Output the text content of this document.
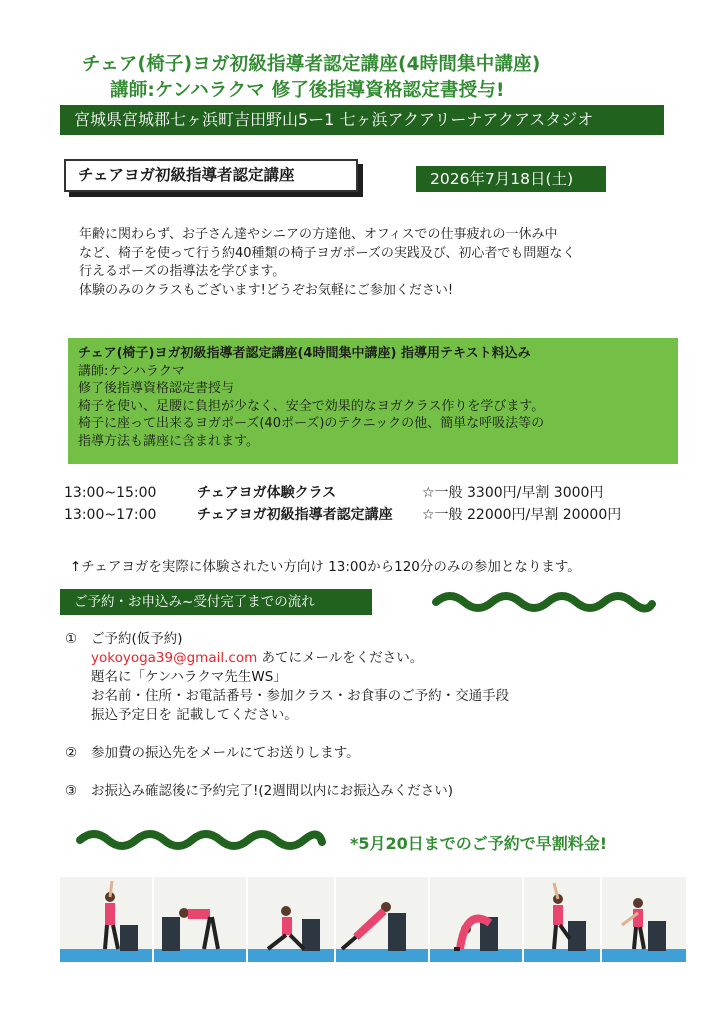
チェア(椅子)ヨガ初級指導者認定講座(4時間集中講座)
講師:ケンハラクマ 修了後指導資格認定書授与!
宮城県宮城郡七ヶ浜町吉田野山5ー1 七ヶ浜アクアリーナアクアスタジオ
チェアヨガ初級指導者認定講座	2026年7月18日(土)
年齢に関わらず、お子さん達やシニアの方達他、オフィスでの仕事疲れの一休み中
など、椅子を使って行う約40種類の椅子ヨガポーズの実践及び、初心者でも問題なく
行えるポーズの指導法を学びます。
体験のみのクラスもございます!どうぞお気軽にご参加ください!
チェア(椅子)ヨガ初級指導者認定講座(4時間集中講座) 指導用テキスト料込み
講師:ケンハラクマ
修了後指導資格認定書授与
椅子を使い、足腰に負担が少なく、安全で効果的なヨガクラス作りを学びます。
椅子に座って出来るヨガポーズ(40ポーズ)のテクニックの他、簡単な呼吸法等の
指導方法も講座に含まれます。
13:00~15:00	チェアヨガ体験クラス	☆一般 3300円/早割 3000円
13:00~17:00	チェアヨガ初級指導者認定講座 ☆一般 22000円/早割 20000円
↑チェアヨガを実際に体験されたい方向け 13:00から120分のみの参加となります。
ご予約・お申込み~受付完了までの流れ
① ご予約(仮予約)
yokoyoga39@gmail.com あてにメールをください。
題名に「ケンハラクマ先生WS」
お名前・住所・お電話番号・参加クラス・お食事のご予約・交通手段
振込予定日を 記載してください。
② 参加費の振込先をメールにてお送りします。
③ お振込み確認後に予約完了!(2週間以内にお振込みください)
*5月20日までのご予約で早割料金!
